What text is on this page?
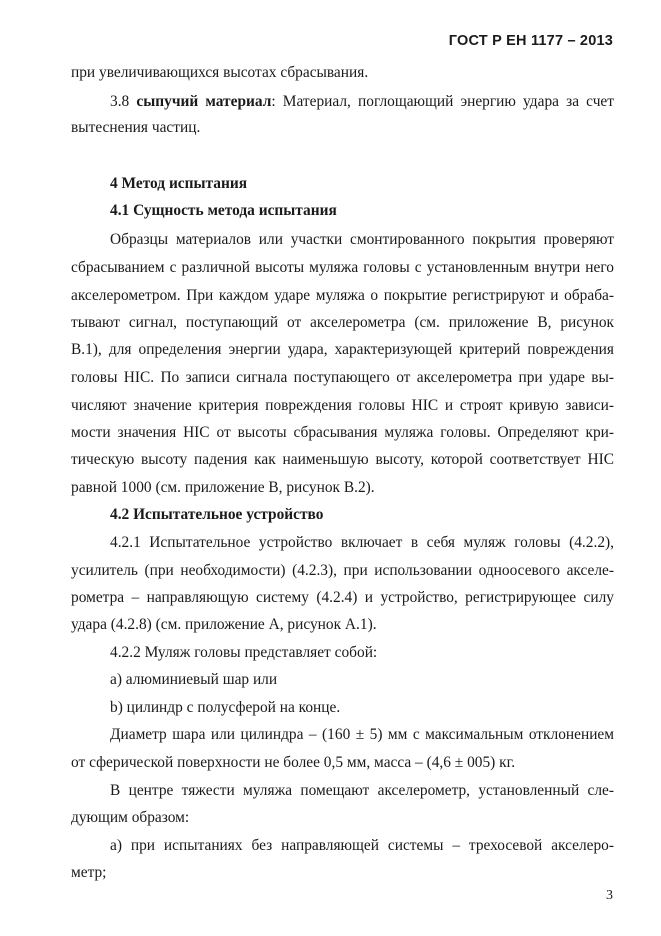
ГОСТ Р ЕН 1177 – 2013
при увеличивающихся высотах сбрасывания.
3.8 сыпучий материал: Материал, поглощающий энергию удара за счет
вытеснения частиц.
4 Метод испытания
4.1 Сущность метода испытания
Образцы материалов или участки смонтированного покрытия проверяют
сбрасыванием с различной высоты муляжа головы с установленным внутри него
акселерометром. При каждом ударе муляжа о покрытие регистрируют и обраба-
тывают сигнал, поступающий от акселерометра (см. приложение В, рисунок
В.1), для определения энергии удара, характеризующей критерий повреждения
головы HIC. По записи сигнала поступающего от акселерометра при ударе вы-
числяют значение критерия повреждения головы HIC и строят кривую зависи-
мости значения HIC от высоты сбрасывания муляжа головы. Определяют кри-
тическую высоту падения как наименьшую высоту, которой соответствует HIC
равной 1000 (см. приложение В, рисунок В.2).
4.2 Испытательное устройство
4.2.1 Испытательное устройство включает в себя муляж головы (4.2.2),
усилитель (при необходимости) (4.2.3), при использовании одноосевого акселе-
рометра – направляющую систему (4.2.4) и устройство, регистрирующее силу
удара (4.2.8) (см. приложение А, рисунок А.1).
4.2.2 Муляж головы представляет собой:
а) алюминиевый шар или
b) цилиндр с полусферой на конце.
Диаметр шара или цилиндра – (160 ± 5) мм с максимальным отклонением
от сферической поверхности не более 0,5 мм, масса – (4,6 ± 005) кг.
В центре тяжести муляжа помещают акселерометр, установленный сле-
дующим образом:
а) при испытаниях без направляющей системы – трехосевой акселеро-
метр;
3
